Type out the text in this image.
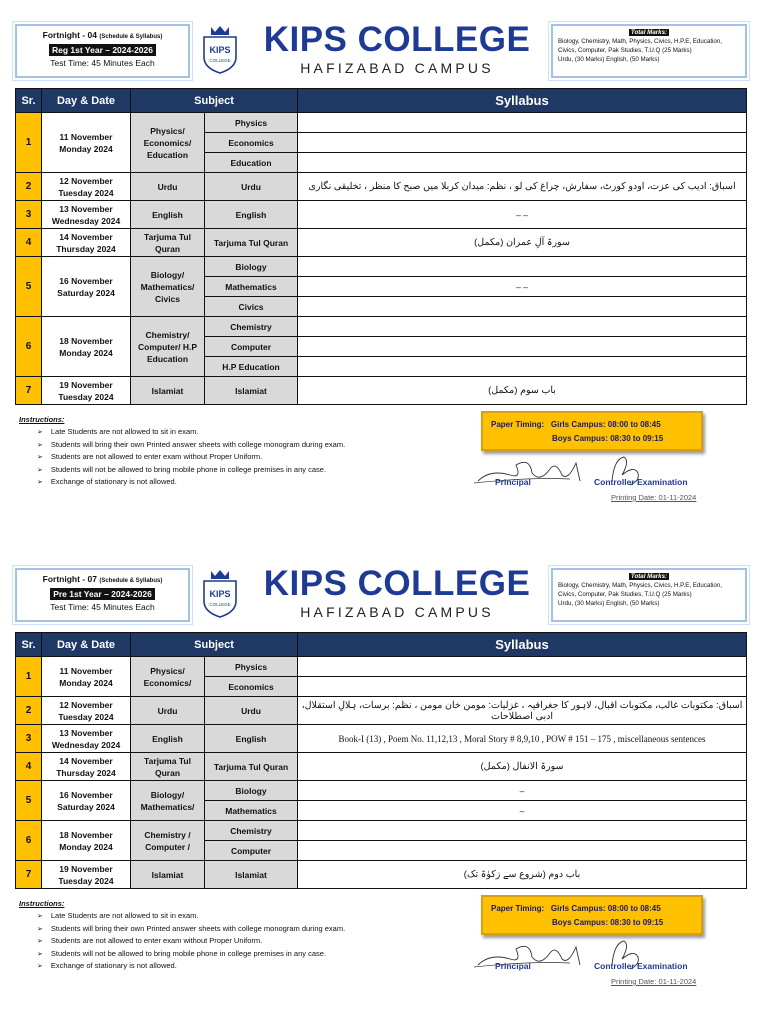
Fortnight - 04 (Schedule & Syllabus)
Reg 1st Year – 2024-2026
Test Time: 45 Minutes Each
KIPS
COLLEGE
KIPS COLLEGE
HAFIZABAD CAMPUS
Total Marks:
Biology, Chemistry, Math, Physics, Civics, H.P.E, Education, Civics, Computer, Pak Studies, T.U.Q (25 Marks)
Urdu, (30 Marks) English, (50 Marks)
Sr.	Day & Date	Subject		Syllabus
1	11 November
Monday 2024	Physics/ Economics/ Education	Physics	
			Economics	
			Education	
2	12 November
Tuesday 2024	Urdu	Urdu	اسباق: ادیب کی عزت، اودو کورٹ، سفارش، چراغ کی لو ، نظم: میدان کربلا میں صبح کا منظر ، تخلیقی نگاری
3	13 November
Wednesday 2024	English	English	– –
4	14 November
Thursday 2024	Tarjuma Tul Quran	Tarjuma Tul Quran	سورۃ آلِ عمران (مکمل)
5	16 November
Saturday 2024	Biology/ Mathematics/ Civics	Biology	
			Mathematics	– –
			Civics	
6	18 November
Monday 2024	Chemistry/ Computer/ H.P Education	Chemistry	
			Computer	
			H.P Education	
7	19 November
Tuesday 2024	Islamiat	Islamiat	باب سوم (مکمل)
Instructions:
➢ Late Students are not allowed to sit in exam.
➢ Students will bring their own Printed answer sheets with college monogram during exam.
➢ Students are not allowed to enter exam without Proper Uniform.
➢ Students will not be allowed to bring mobile phone in college premises in any case.
➢ Exchange of stationary is not allowed.
Paper Timing: Girls Campus: 08:00 to 08:45
Boys Campus: 08:30 to 09:15
Principal	Controller Examination
Printing Date: 01-11-2024
Fortnight - 07 (Schedule & Syllabus)
Pre 1st Year – 2024-2026
Test Time: 45 Minutes Each
KIPS
COLLEGE
KIPS COLLEGE
HAFIZABAD CAMPUS
Total Marks:
Biology, Chemistry, Math, Physics, Civics, H.P.E, Education, Civics, Computer, Pak Studies, T.U.Q (25 Marks)
Urdu, (30 Marks) English, (50 Marks)
Sr.	Day & Date	Subject		Syllabus
1	11 November
Monday 2024	Physics/ Economics/	Physics	
			Economics	
2	12 November
Tuesday 2024	Urdu	Urdu	اسباق: مکتوبات غالب، مکتوبات اقبال، لاہور کا جغرافیہ ، غزلیات: مومن خان مومن ، نظم: برسات، ہلالِ استقلال، ادبی اصطلاحات
3	13 November
Wednesday 2024	English	English	Book-I (13) , Poem No. 11,12,13 , Moral Story # 8,9,10 , POW # 151 – 175 , miscellaneous sentences
4	14 November
Thursday 2024	Tarjuma Tul Quran	Tarjuma Tul Quran	سورۃ الانفال (مکمل)
5	16 November
Saturday 2024	Biology/ Mathematics/	Biology	–
			Mathematics	–
6	18 November
Monday 2024	Chemistry / Computer /	Chemistry	
			Computer	
7	19 November
Tuesday 2024	Islamiat	Islamiat	باب دوم (شروع سے زکوٰۃ تک)
Instructions:
➢ Late Students are not allowed to sit in exam.
➢ Students will bring their own Printed answer sheets with college monogram during exam.
➢ Students are not allowed to enter exam without Proper Uniform.
➢ Students will not be allowed to bring mobile phone in college premises in any case.
➢ Exchange of stationary is not allowed.
Paper Timing: Girls Campus: 08:00 to 08:45
Boys Campus: 08:30 to 09:15
Principal	Controller Examination
Printing Date: 01-11-2024
